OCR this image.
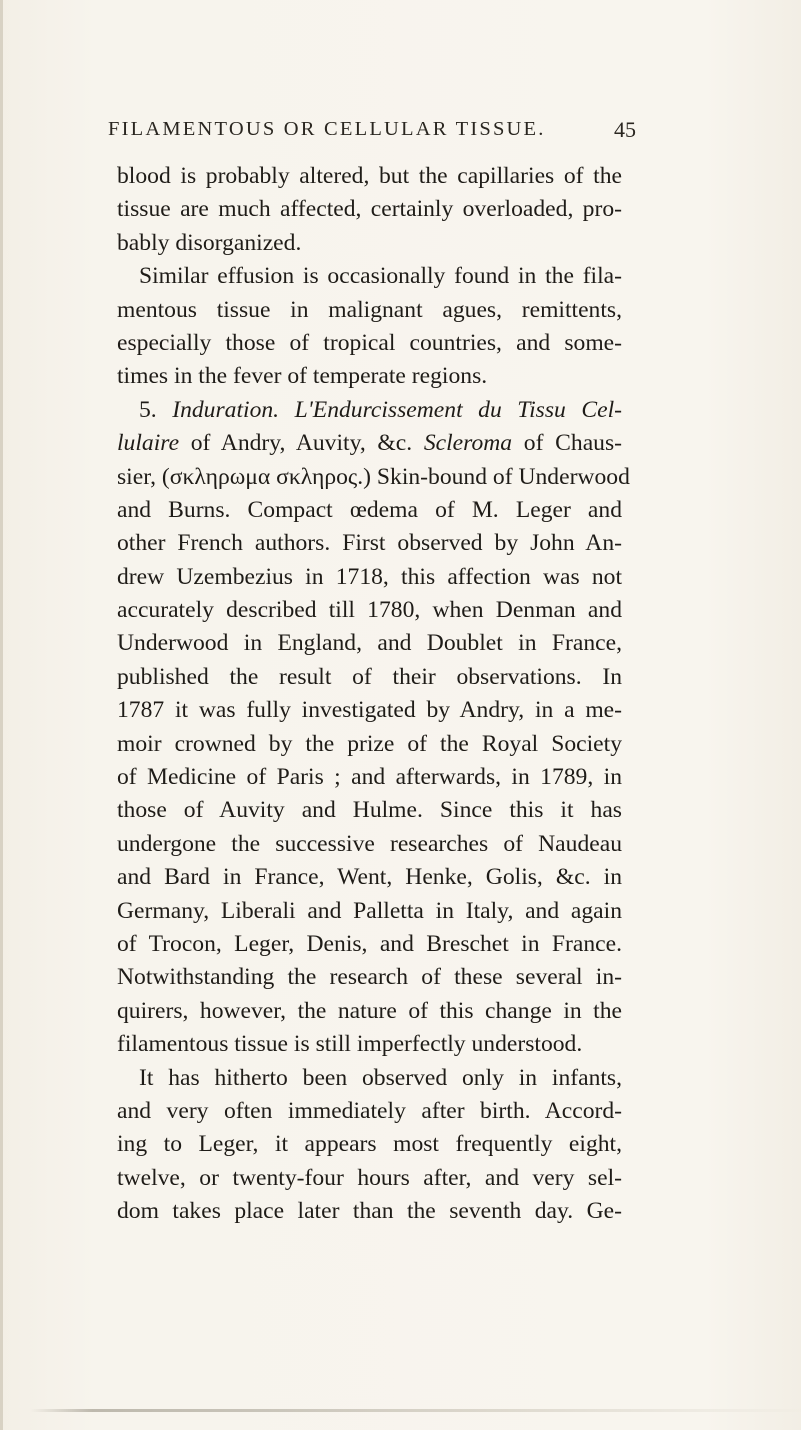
FILAMENTOUS OR CELLULAR TISSUE.	45
blood is probably altered, but the capillaries of the
tissue are much affected, certainly overloaded, pro-
bably disorganized.
Similar effusion is occasionally found in the fila-
mentous tissue in malignant agues, remittents,
especially those of tropical countries, and some-
times in the fever of temperate regions.
5. Induration. L'Endurcissement du Tissu Cel-
lulaire of Andry, Auvity, &c. Scleroma of Chaus-
sier, (σκληρωμα σκληρος.) Skin-bound of Underwood
and Burns. Compact œdema of M. Leger and
other French authors. First observed by John An-
drew Uzembezius in 1718, this affection was not
accurately described till 1780, when Denman and
Underwood in England, and Doublet in France,
published the result of their observations. In
1787 it was fully investigated by Andry, in a me-
moir crowned by the prize of the Royal Society
of Medicine of Paris ; and afterwards, in 1789, in
those of Auvity and Hulme. Since this it has
undergone the successive researches of Naudeau
and Bard in France, Went, Henke, Golis, &c. in
Germany, Liberali and Palletta in Italy, and again
of Trocon, Leger, Denis, and Breschet in France.
Notwithstanding the research of these several in-
quirers, however, the nature of this change in the
filamentous tissue is still imperfectly understood.
It has hitherto been observed only in infants,
and very often immediately after birth. Accord-
ing to Leger, it appears most frequently eight,
twelve, or twenty-four hours after, and very sel-
dom takes place later than the seventh day. Ge-
